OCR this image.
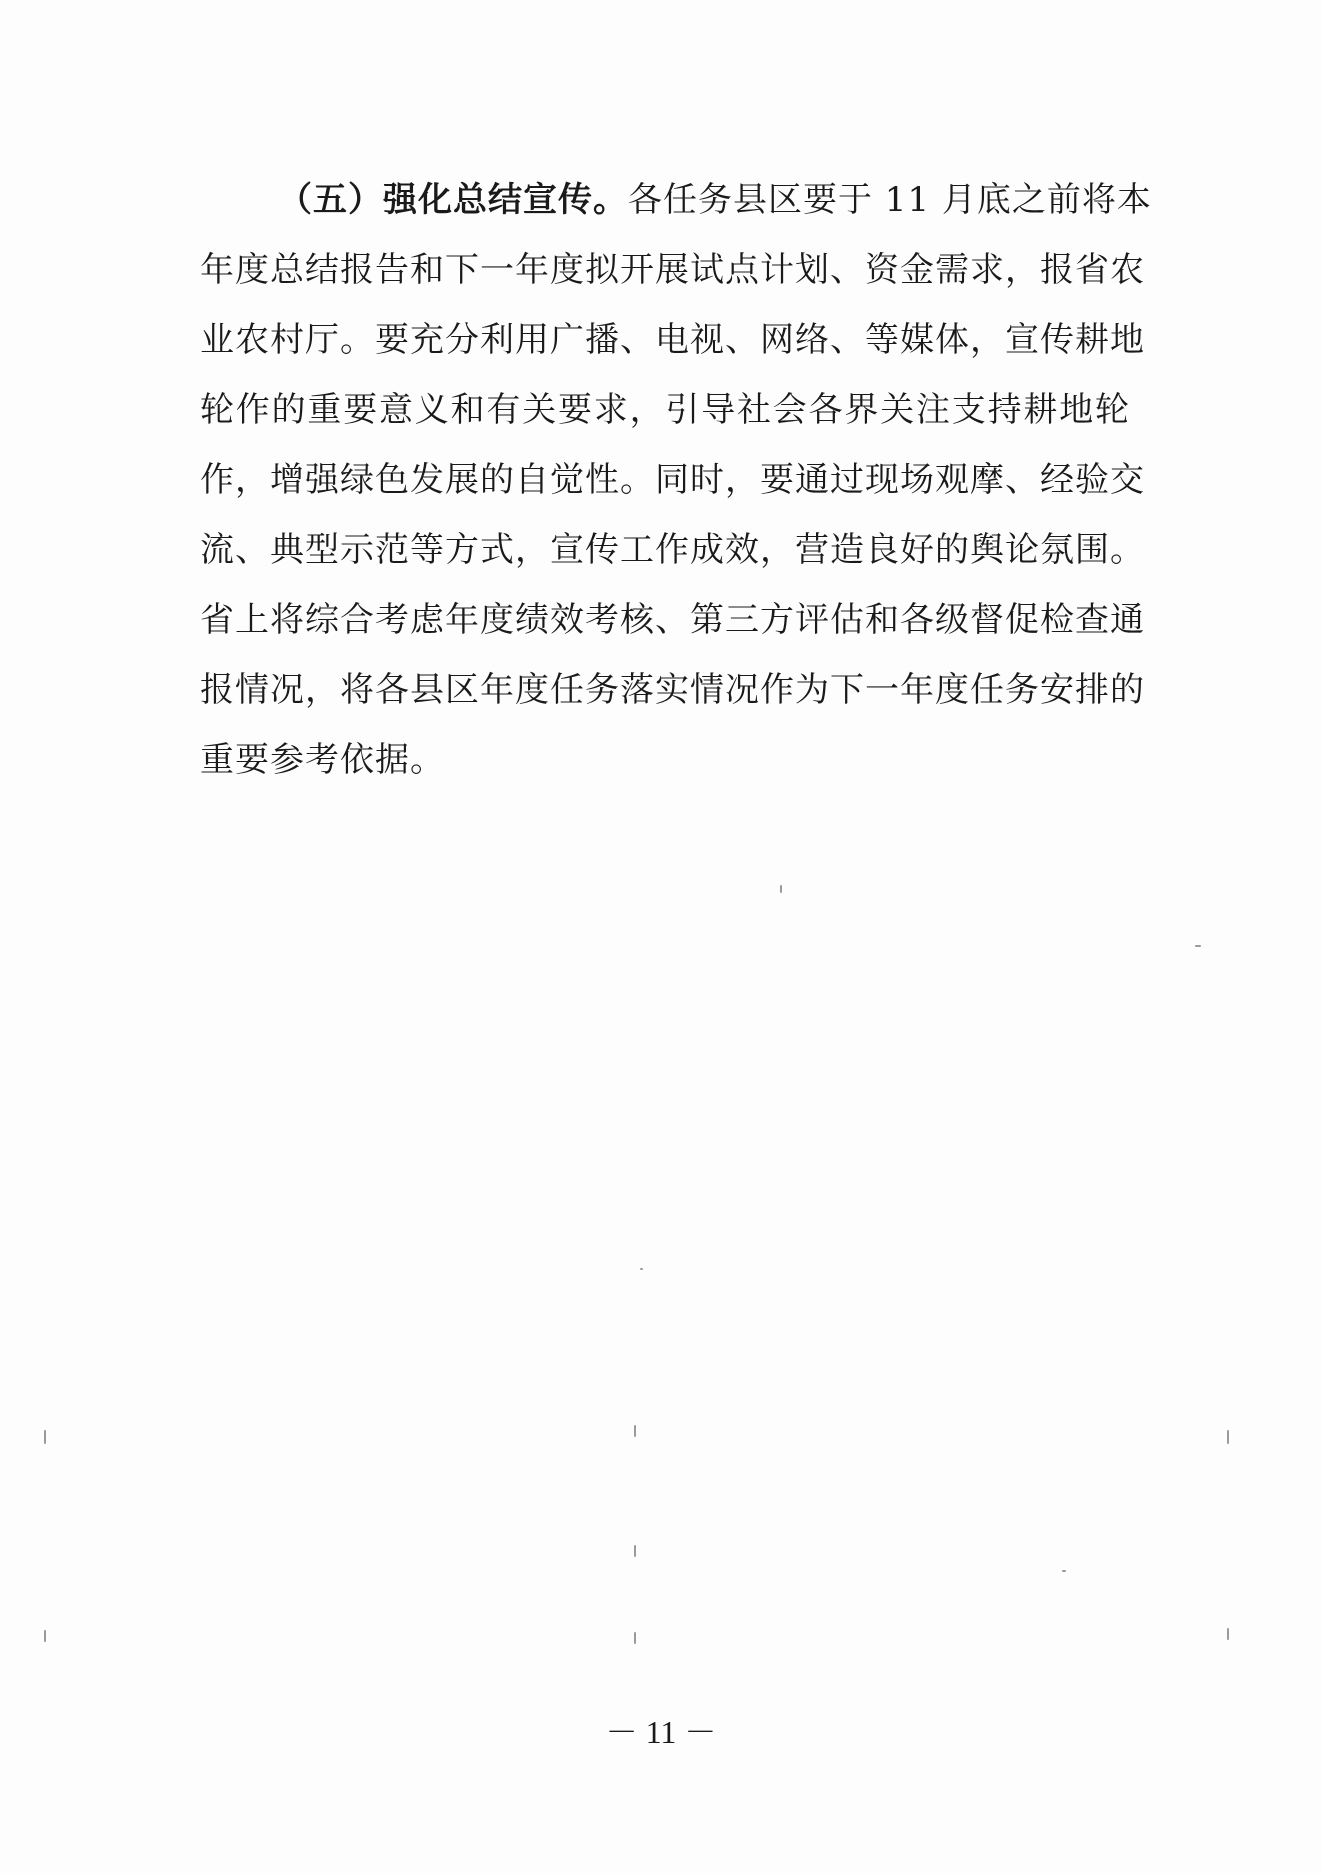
（五）强化总结宣传。各任务县区要于 11 月底之前将本
年度总结报告和下一年度拟开展试点计划、资金需求，报省农
业农村厅。要充分利用广播、电视、网络、等媒体，宣传耕地
轮作的重要意义和有关要求，引导社会各界关注支持耕地轮
作，增强绿色发展的自觉性。同时，要通过现场观摩、经验交
流、典型示范等方式，宣传工作成效，营造良好的舆论氛围。
省上将综合考虑年度绩效考核、第三方评估和各级督促检查通
报情况，将各县区年度任务落实情况作为下一年度任务安排的
重要参考依据。
－ 11 －
